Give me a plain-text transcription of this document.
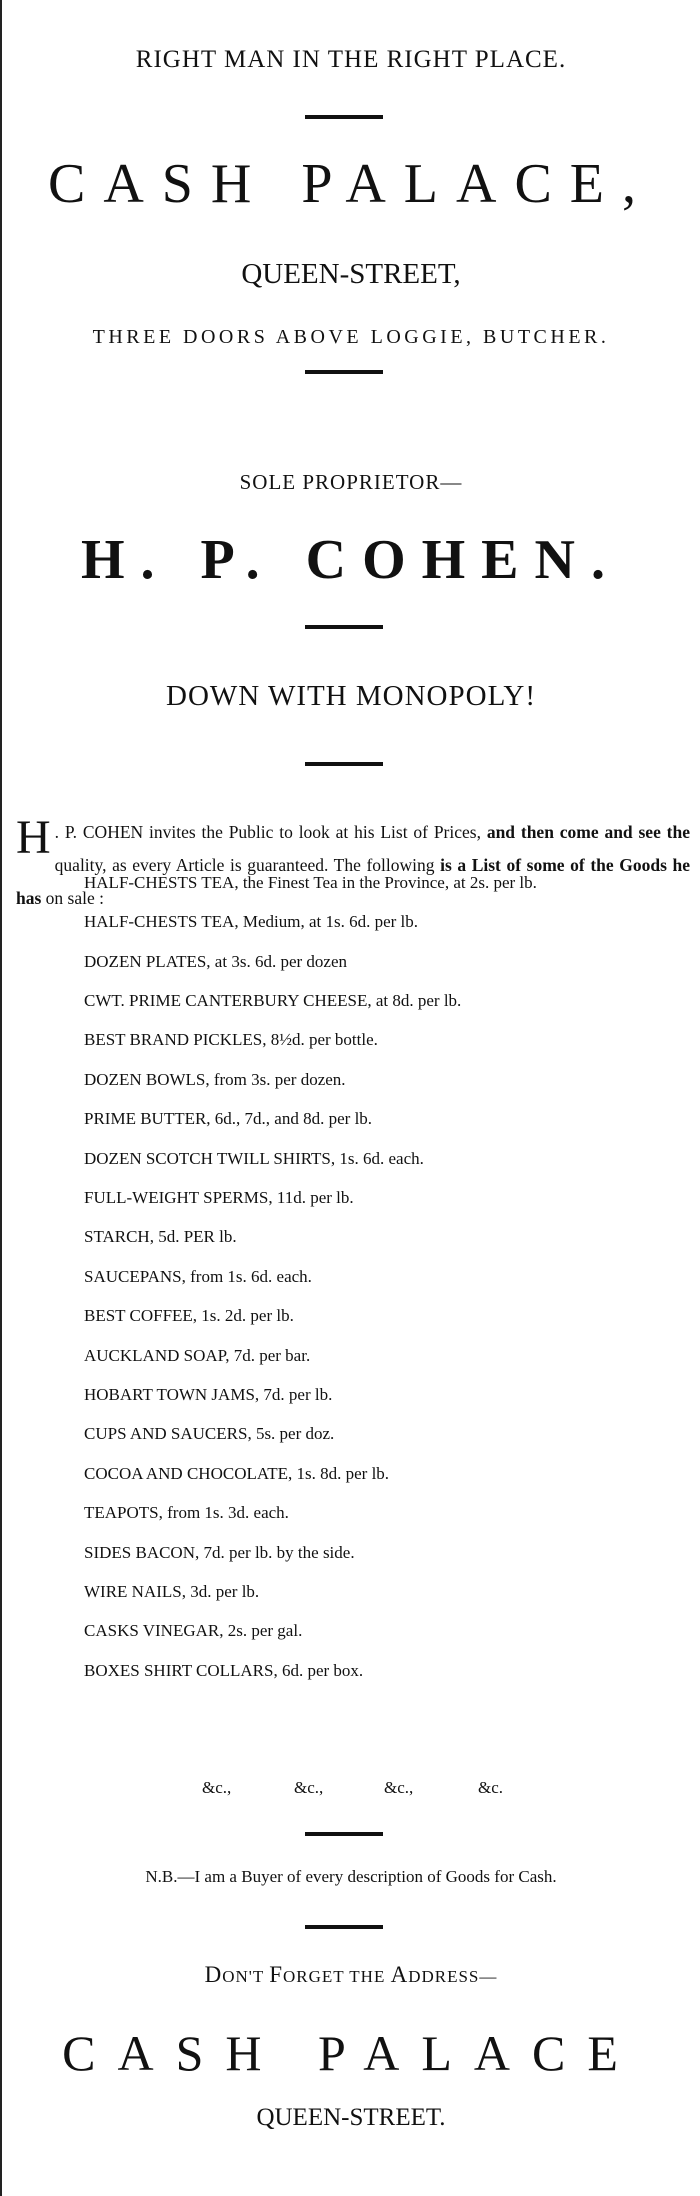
RIGHT MAN IN THE RIGHT PLACE.
CASH PALACE,
QUEEN-STREET,
THREE DOORS ABOVE LOGGIE, BUTCHER.
SOLE PROPRIETOR—
H. P. COHEN.
DOWN WITH MONOPOLY!
H . P. COHEN invites the Public to look at his List of Prices, and then come and see the quality, as every Article is guaranteed. The following is a List of some of the Goods he has on sale :
HALF-CHESTS TEA, the Finest Tea in the Province, at 2s. per lb.
HALF-CHESTS TEA, Medium, at 1s. 6d. per lb.
DOZEN PLATES, at 3s. 6d. per dozen
CWT. PRIME CANTERBURY CHEESE, at 8d. per lb.
BEST BRAND PICKLES, 8½d. per bottle.
DOZEN BOWLS, from 3s. per dozen.
PRIME BUTTER, 6d., 7d., and 8d. per lb.
DOZEN SCOTCH TWILL SHIRTS, 1s. 6d. each.
FULL-WEIGHT SPERMS, 11d. per lb.
STARCH, 5d. PER lb.
SAUCEPANS, from 1s. 6d. each.
BEST COFFEE, 1s. 2d. per lb.
AUCKLAND SOAP, 7d. per bar.
HOBART TOWN JAMS, 7d. per lb.
CUPS AND SAUCERS, 5s. per doz.
COCOA AND CHOCOLATE, 1s. 8d. per lb.
TEAPOTS, from 1s. 3d. each.
SIDES BACON, 7d. per lb. by the side.
WIRE NAILS, 3d. per lb.
CASKS VINEGAR, 2s. per gal.
BOXES SHIRT COLLARS, 6d. per box.
&c.,	&c.,	&c.,	&c.
N.B.—I am a Buyer of every description of Goods for Cash.
DON'T FORGET THE ADDRESS—
CASH PALACE
QUEEN-STREET.
